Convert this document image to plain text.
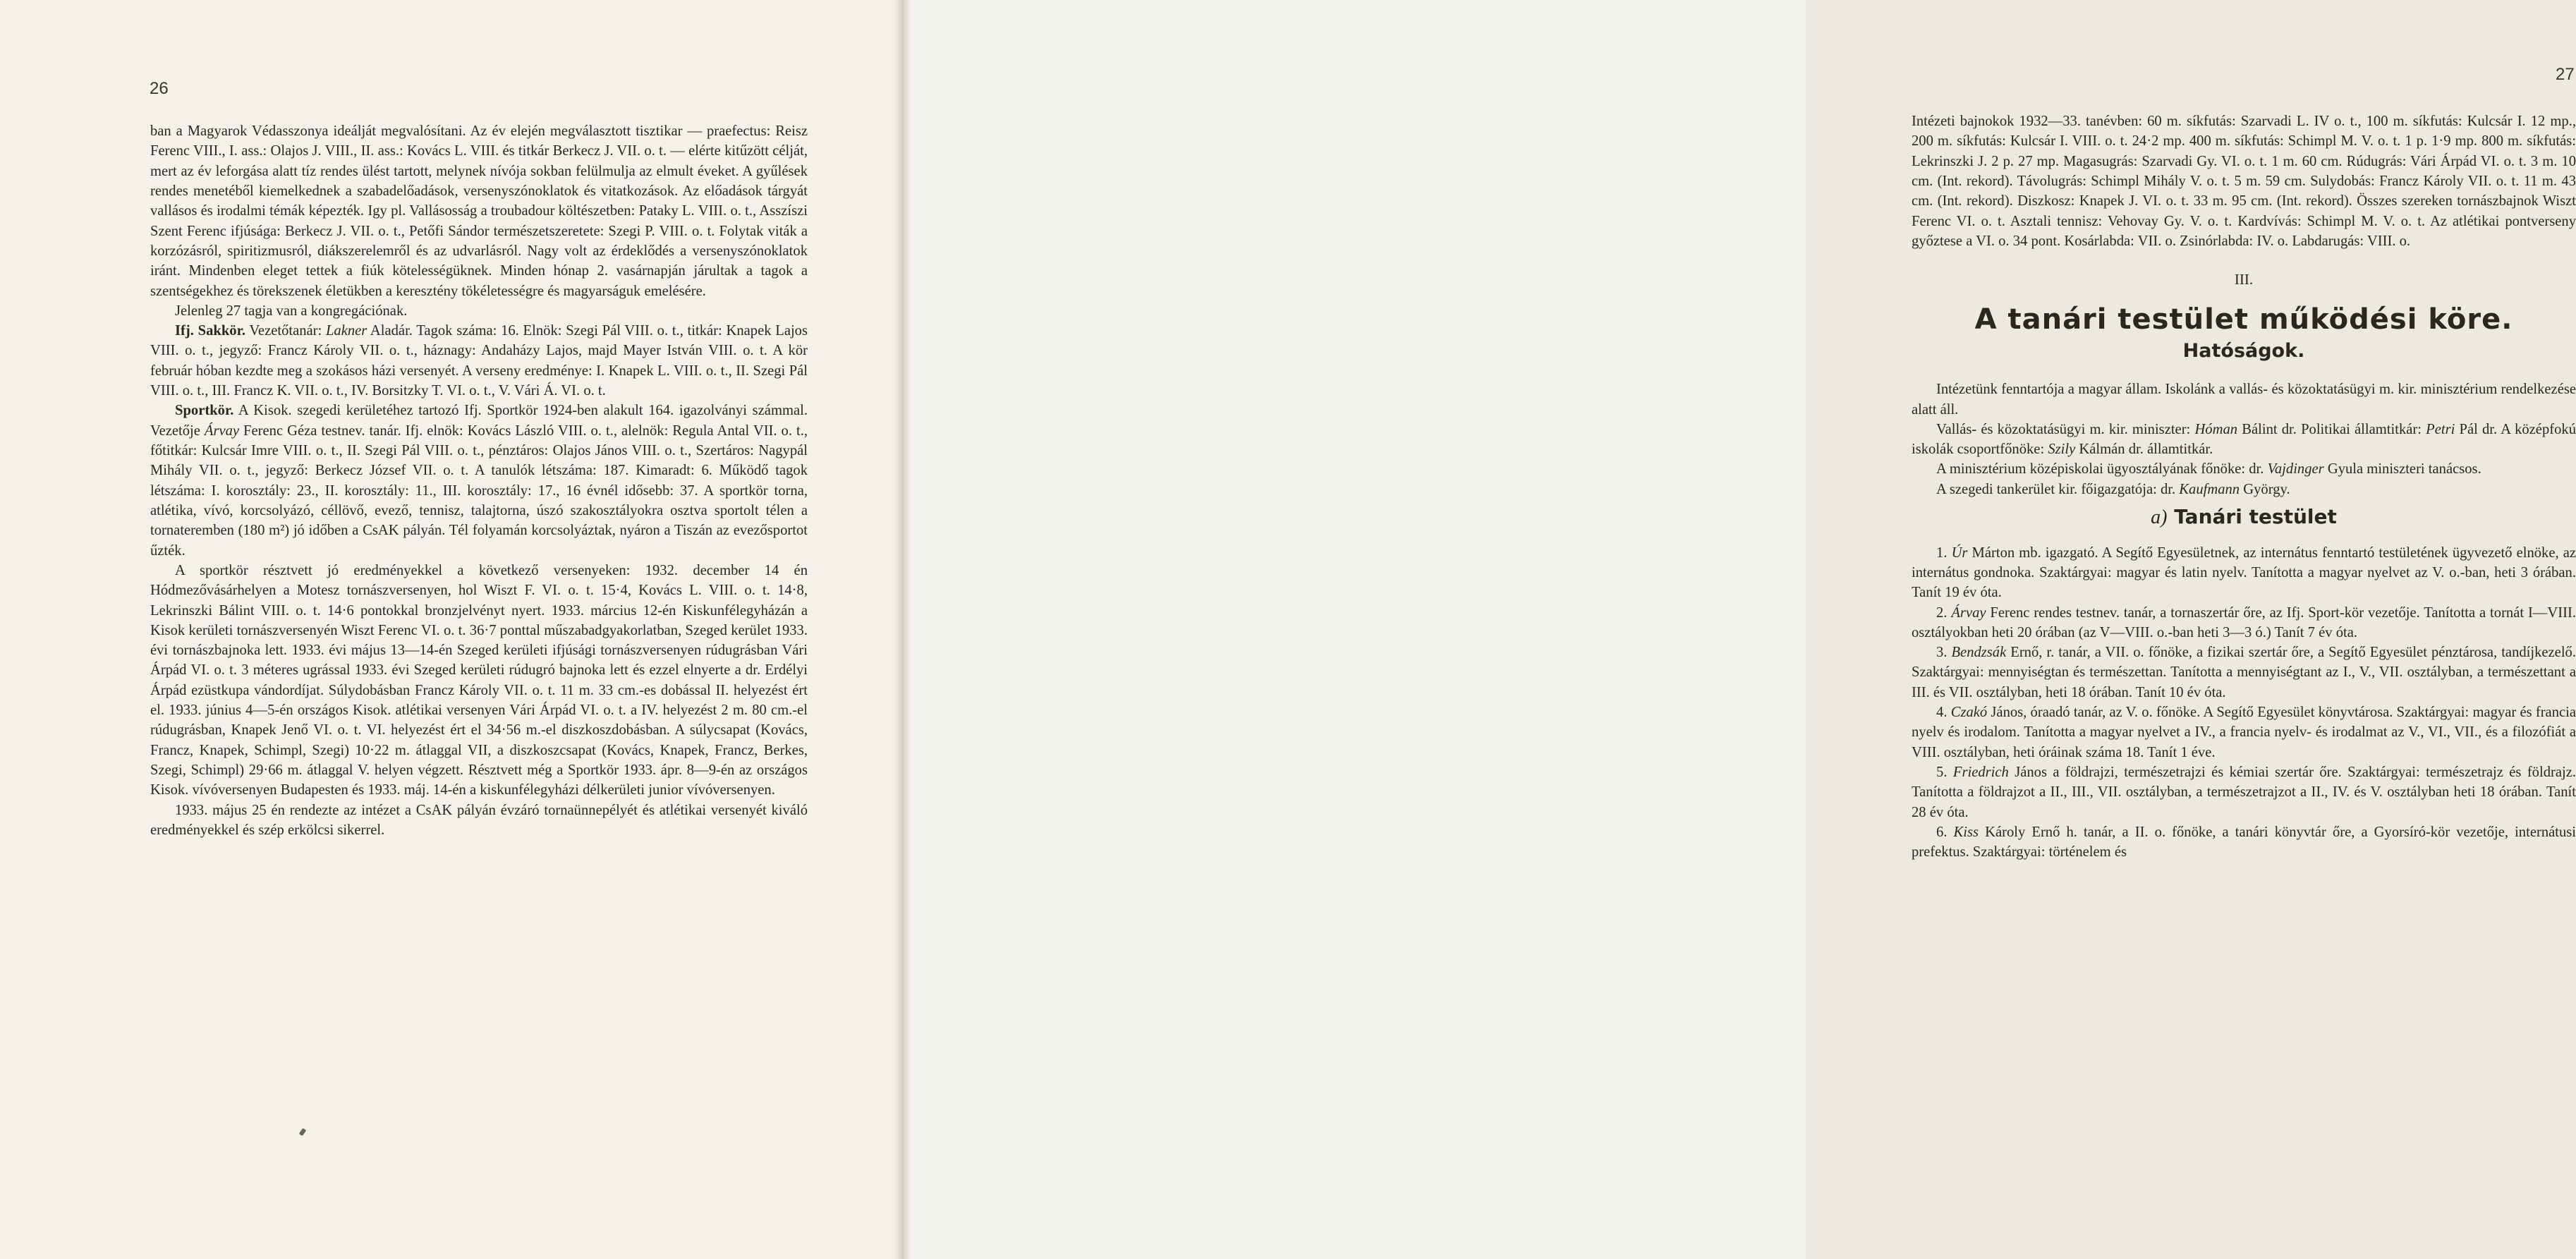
26

ban a Magyarok Védasszonya ideálját megvalósítani. Az év elején megválasztott tisztikar — praefectus: Reisz Ferenc VIII., I. ass.: Olajos J. VIII., II. ass.: Kovács L. VIII. és titkár Berkecz J. VII. o. t. — elérte kitűzött célját, mert az év leforgása alatt tíz rendes ülést tartott, melynek nívója sokban felülmulja az elmult éveket. A gyűlések rendes menetéből kiemelkednek a szabadelőadások, versenyszónoklatok és vitatkozások. Az előadások tárgyát vallásos és irodalmi témák képezték. Igy pl. Vallásosság a troubadour költészetben: Pataky L. VIII. o. t., Asszíszi Szent Ferenc ifjúsága: Berkecz J. VII. o. t., Petőfi Sándor természetszeretete: Szegi P. VIII. o. t. Folytak viták a korzózásról, spiritizmusról, diákszerelemről és az udvarlásról. Nagy volt az érdeklődés a versenyszónoklatok iránt. Mindenben eleget tettek a fiúk kötelességüknek. Minden hónap 2. vasárnapján járultak a tagok a szentségekhez és törekszenek életükben a keresztény tökéletességre és magyarságuk emelésére.

Jelenleg 27 tagja van a kongregációnak.

Ifj. Sakkör. Vezetőtanár: Lakner Aladár. Tagok száma: 16. Elnök: Szegi Pál VIII. o. t., titkár: Knapek Lajos VIII. o. t., jegyző: Francz Károly VII. o. t., háznagy: Andaházy Lajos, majd Mayer István VIII. o. t. A kör február hóban kezdte meg a szokásos házi versenyét. A verseny eredménye: I. Knapek L. VIII. o. t., II. Szegi Pál VIII. o. t., III. Francz K. VII. o. t., IV. Borsitzky T. VI. o. t., V. Vári Á. VI. o. t.

Sportkör. A Kisok. szegedi kerületéhez tartozó Ifj. Sportkör 1924-ben alakult 164. igazolványi számmal. Vezetője Árvay Ferenc Géza testnev. tanár. Ifj. elnök: Kovács László VIII. o. t., alelnök: Regula Antal VII. o. t., főtitkár: Kulcsár Imre VIII. o. t., II. Szegi Pál VIII. o. t., pénztáros: Olajos János VIII. o. t., Szertáros: Nagypál Mihály VII. o. t., jegyző: Berkecz József VII. o. t. A tanulók létszáma: 187. Kimaradt: 6. Működő tagok létszáma: I. korosztály: 23., II. korosztály: 11., III. korosztály: 17., 16 évnél idősebb: 37. A sportkör torna, atlétika, vívó, korcsolyázó, céllövő, evező, tennisz, talajtorna, úszó szakosztályokra osztva sportolt télen a tornateremben (180 m²) jó időben a CsAK pályán. Tél folyamán korcsolyáztak, nyáron a Tiszán az evezősportot űzték.

A sportkör résztvett jó eredményekkel a következő versenyeken: 1932. december 14 én Hódmezővásárhelyen a Motesz tornászversenyen, hol Wiszt F. VI. o. t. 15·4, Kovács L. VIII. o. t. 14·8, Lekrinszki Bálint VIII. o. t. 14·6 pontokkal bronzjelvényt nyert. 1933. március 12-én Kiskunfélegyházán a Kisok kerületi tornászversenyén Wiszt Ferenc VI. o. t. 36·7 ponttal műszabadgyakorlatban, Szeged kerület 1933. évi tornászbajnoka lett. 1933. évi május 13—14-én Szeged kerületi ifjúsági tornászversenyen rúdugrásban Vári Árpád VI. o. t. 3 méteres ugrással 1933. évi Szeged kerületi rúdugró bajnoka lett és ezzel elnyerte a dr. Erdélyi Árpád ezüstkupa vándordíjat. Súlydobásban Francz Károly VII. o. t. 11 m. 33 cm.-es dobással II. helyezést ért el. 1933. június 4—5-én országos Kisok. atlétikai versenyen Vári Árpád VI. o. t. a IV. helyezést 2 m. 80 cm.-el rúdugrásban, Knapek Jenő VI. o. t. VI. helyezést ért el 34·56 m.-el diszkoszdobásban. A súlycsapat (Kovács, Francz, Knapek, Schimpl, Szegi) 10·22 m. átlaggal VII, a diszkoszcsapat (Kovács, Knapek, Francz, Berkes, Szegi, Schimpl) 29·66 m. átlaggal V. helyen végzett. Résztvett még a Sportkör 1933. ápr. 8—9-én az országos Kisok. vívóversenyen Budapesten és 1933. máj. 14-én a kiskunfélegyházi délkerületi junior vívóversenyen.

1933. május 25 én rendezte az intézet a CsAK pályán évzáró tornaünnepélyét és atlétikai versenyét kiváló eredményekkel és szép erkölcsi sikerrel.

27

Intézeti bajnokok 1932—33. tanévben: 60 m. síkfutás: Szarvadi L. IV o. t., 100 m. síkfutás: Kulcsár I. 12 mp., 200 m. síkfutás: Kulcsár I. VIII. o. t. 24·2 mp. 400 m. síkfutás: Schimpl M. V. o. t. 1 p. 1·9 mp. 800 m. síkfutás: Lekrinszki J. 2 p. 27 mp. Magasugrás: Szarvadi Gy. VI. o. t. 1 m. 60 cm. Rúdugrás: Vári Árpád VI. o. t. 3 m. 10 cm. (Int. rekord). Távolugrás: Schimpl Mihály V. o. t. 5 m. 59 cm. Sulydobás: Francz Károly VII. o. t. 11 m. 43 cm. (Int. rekord). Diszkosz: Knapek J. VI. o. t. 33 m. 95 cm. (Int. rekord). Összes szereken tornászbajnok Wiszt Ferenc VI. o. t. Asztali tennisz: Vehovay Gy. V. o. t. Kardvívás: Schimpl M. V. o. t. Az atlétikai pontverseny győztese a VI. o. 34 pont. Kosárlabda: VII. o. Zsinórlabda: IV. o. Labdarugás: VIII. o.

III.
A tanári testület működési köre.
Hatóságok.

Intézetünk fenntartója a magyar állam. Iskolánk a vallás- és közoktatásügyi m. kir. minisztérium rendelkezése alatt áll.

Vallás- és közoktatásügyi m. kir. miniszter: Hóman Bálint dr. Politikai államtitkár: Petri Pál dr. A középfokú iskolák csoportfőnöke: Szily Kálmán dr. államtitkár.

A minisztérium középiskolai ügyosztályának főnöke: dr. Vajdinger Gyula miniszteri tanácsos.

A szegedi tankerület kir. főigazgatója: dr. Kaufmann György.

a) Tanári testület

1. Úr Márton mb. igazgató. A Segítő Egyesületnek, az internátus fenntartó testületének ügyvezető elnöke, az internátus gondnoka. Szaktárgyai: magyar és latin nyelv. Tanította a magyar nyelvet az V. o.-ban, heti 3 órában. Tanít 19 év óta.

2. Árvay Ferenc rendes testnev. tanár, a tornaszertár őre, az Ifj. Sport-kör vezetője. Tanította a tornát I—VIII. osztályokban heti 20 órában (az V—VIII. o.-ban heti 3—3 ó.) Tanít 7 év óta.

3. Bendzsák Ernő, r. tanár, a VII. o. főnöke, a fizikai szertár őre, a Segítő Egyesület pénztárosa, tandíjkezelő. Szaktárgyai: mennyiségtan és természettan. Tanította a mennyiségtant az I., V., VII. osztályban, a természettant a III. és VII. osztályban, heti 18 órában. Tanít 10 év óta.

4. Czakó János, óraadó tanár, az V. o. főnöke. A Segítő Egyesület könyvtárosa. Szaktárgyai: magyar és francia nyelv és irodalom. Tanította a magyar nyelvet a IV., a francia nyelv- és irodalmat az V., VI., VII., és a filozófiát a VIII. osztályban, heti óráinak száma 18. Tanít 1 éve.

5. Friedrich János a földrajzi, természetrajzi és kémiai szertár őre. Szaktárgyai: természetrajz és földrajz. Tanította a földrajzot a II., III., VII. osztályban, a természetrajzot a II., IV. és V. osztályban heti 18 órában. Tanít 28 év óta.

6. Kiss Károly Ernő h. tanár, a II. o. főnöke, a tanári könyvtár őre, a Gyorsíró-kör vezetője, internátusi prefektus. Szaktárgyai: történelem és
